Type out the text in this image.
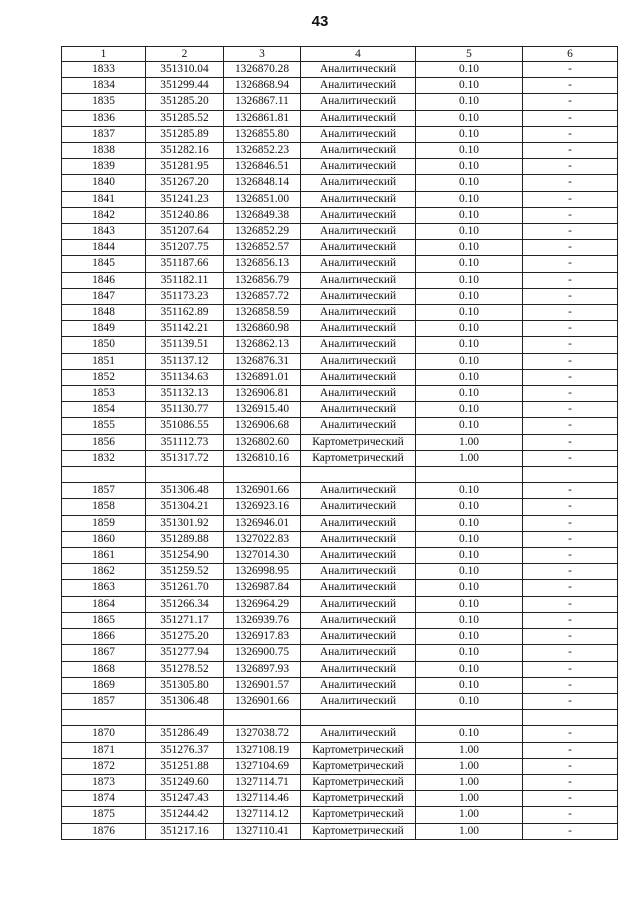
43
1	2	3	4	5	6
1833	351310.04	1326870.28	Аналитический	0.10	-
1834	351299.44	1326868.94	Аналитический	0.10	-
1835	351285.20	1326867.11	Аналитический	0.10	-
1836	351285.52	1326861.81	Аналитический	0.10	-
1837	351285.89	1326855.80	Аналитический	0.10	-
1838	351282.16	1326852.23	Аналитический	0.10	-
1839	351281.95	1326846.51	Аналитический	0.10	-
1840	351267.20	1326848.14	Аналитический	0.10	-
1841	351241.23	1326851.00	Аналитический	0.10	-
1842	351240.86	1326849.38	Аналитический	0.10	-
1843	351207.64	1326852.29	Аналитический	0.10	-
1844	351207.75	1326852.57	Аналитический	0.10	-
1845	351187.66	1326856.13	Аналитический	0.10	-
1846	351182.11	1326856.79	Аналитический	0.10	-
1847	351173.23	1326857.72	Аналитический	0.10	-
1848	351162.89	1326858.59	Аналитический	0.10	-
1849	351142.21	1326860.98	Аналитический	0.10	-
1850	351139.51	1326862.13	Аналитический	0.10	-
1851	351137.12	1326876.31	Аналитический	0.10	-
1852	351134.63	1326891.01	Аналитический	0.10	-
1853	351132.13	1326906.81	Аналитический	0.10	-
1854	351130.77	1326915.40	Аналитический	0.10	-
1855	351086.55	1326906.68	Аналитический	0.10	-
1856	351112.73	1326802.60	Картометрический	1.00	-
1832	351317.72	1326810.16	Картометрический	1.00	-

1857	351306.48	1326901.66	Аналитический	0.10	-
1858	351304.21	1326923.16	Аналитический	0.10	-
1859	351301.92	1326946.01	Аналитический	0.10	-
1860	351289.88	1327022.83	Аналитический	0.10	-
1861	351254.90	1327014.30	Аналитический	0.10	-
1862	351259.52	1326998.95	Аналитический	0.10	-
1863	351261.70	1326987.84	Аналитический	0.10	-
1864	351266.34	1326964.29	Аналитический	0.10	-
1865	351271.17	1326939.76	Аналитический	0.10	-
1866	351275.20	1326917.83	Аналитический	0.10	-
1867	351277.94	1326900.75	Аналитический	0.10	-
1868	351278.52	1326897.93	Аналитический	0.10	-
1869	351305.80	1326901.57	Аналитический	0.10	-
1857	351306.48	1326901.66	Аналитический	0.10	-

1870	351286.49	1327038.72	Аналитический	0.10	-
1871	351276.37	1327108.19	Картометрический	1.00	-
1872	351251.88	1327104.69	Картометрический	1.00	-
1873	351249.60	1327114.71	Картометрический	1.00	-
1874	351247.43	1327114.46	Картометрический	1.00	-
1875	351244.42	1327114.12	Картометрический	1.00	-
1876	351217.16	1327110.41	Картометрический	1.00	-
